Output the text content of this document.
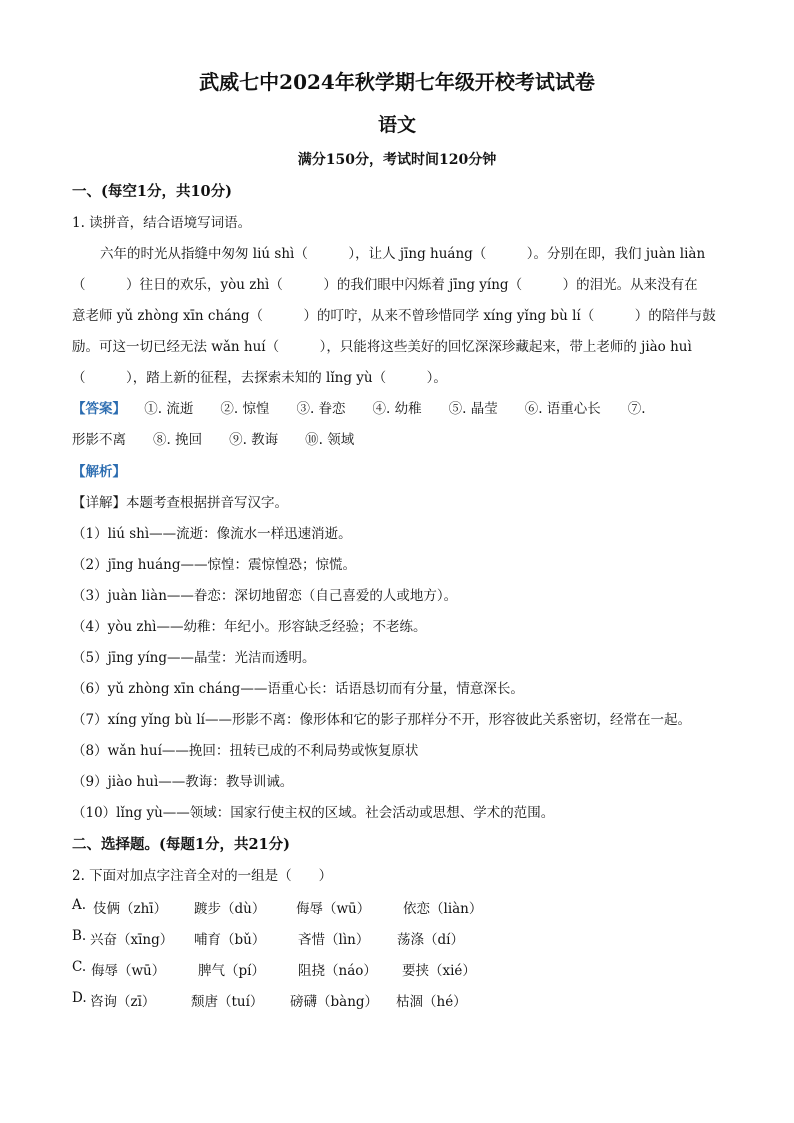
武威七中2024年秋学期七年级开校考试试卷
语文
满分150分，考试时间120分钟
一、(每空1分，共10分)
1. 读拼音，结合语境写词语。
六年的时光从指缝中匆匆 liú shì（　　　），让人 jīng huáng（　　　）。分别在即，我们 juàn liàn
（　　　）往日的欢乐，yòu zhì（　　　）的我们眼中闪烁着 jīng yíng（　　　）的泪光。从来没有在
意老师 yǔ zhòng xīn cháng（　　　）的叮咛，从来不曾珍惜同学 xíng yǐng bù lí（　　　）的陪伴与鼓
励。可这一切已经无法 wǎn huí（　　　），只能将这些美好的回忆深深珍藏起来，带上老师的 jiào huì
（　　　），踏上新的征程，去探索未知的 lǐng yù（　　　）。
【答案】 ①. 流逝　　②. 惊惶　　③. 眷恋　　④. 幼稚　　⑤. 晶莹　　⑥. 语重心长　　⑦.
形影不离　　⑧. 挽回　　⑨. 教诲　　⑩. 领域
【解析】
【详解】本题考查根据拼音写汉字。
（1）liú shì——流逝：像流水一样迅速消逝。
（2）jīng huáng——惊惶：震惊惶恐；惊慌。
（3）juàn liàn——眷恋：深切地留恋（自己喜爱的人或地方）。
（4）yòu zhì——幼稚：年纪小。形容缺乏经验；不老练。
（5）jīng yíng——晶莹：光洁而透明。
（6）yǔ zhòng xīn cháng——语重心长：话语恳切而有分量，情意深长。
（7）xíng yǐng bù lí——形影不离：像形体和它的影子那样分不开，形容彼此关系密切，经常在一起。
（8）wǎn huí——挽回：扭转已成的不利局势或恢复原状
（9）jiào huì——教诲：教导训诫。
（10）lǐng yù——领域：国家行使主权的区域。社会活动或思想、学术的范围。
二、选择题。(每题1分，共21分)
2. 下面对加点字注音全对的一组是（　　）
A. 伎俩（zhī） 踱步（dù） 侮辱（wū） 依恋（liàn）
B. 兴奋（xīng） 哺育（bǔ） 吝惜（lìn） 荡涤（dí）
C. 侮辱（wū） 脾气（pí） 阻挠（náo） 要挟（xié）
D. 咨询（zī）	颓唐（tuí） 磅礴（bàng） 枯涸（hé）
